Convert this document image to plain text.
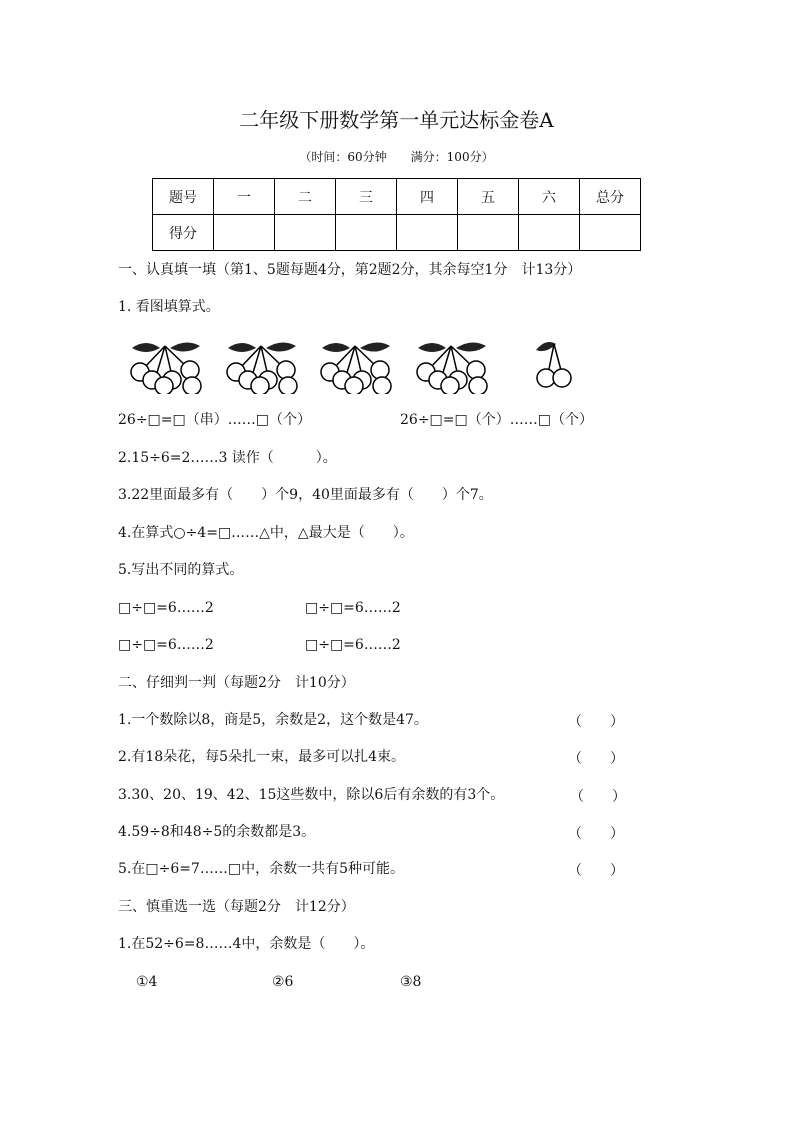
二年级下册数学第一单元达标金卷A
（时间：60分钟　　满分：100分）
题号	一	二	三	四	五	六	总分
得分							
一、认真填一填（第1、5题每题4分，第2题2分，其余每空1分　计13分）
1. 看图填算式。
26÷□=□（串）……□（个）	26÷□=□（个）……□（个）
2.15÷6=2……3 读作（　　　）。
3.22里面最多有（　　）个9，40里面最多有（　　）个7。
4.在算式○÷4=□……△中，△最大是（　　）。
5.写出不同的算式。
□÷□=6……2	□÷□=6……2
□÷□=6……2	□÷□=6……2
二、仔细判一判（每题2分　计10分）
1.一个数除以8，商是5，余数是2，这个数是47。	（　　）
2.有18朵花，每5朵扎一束，最多可以扎4束。	（　　）
3.30、20、19、42、15这些数中，除以6后有余数的有3个。	（　　）
4.59÷8和48÷5的余数都是3。	（　　）
5.在□÷6=7……□中，余数一共有5种可能。	（　　）
三、慎重选一选（每题2分　计12分）
1.在52÷6=8……4中，余数是（　　）。
①4	②6	③8
